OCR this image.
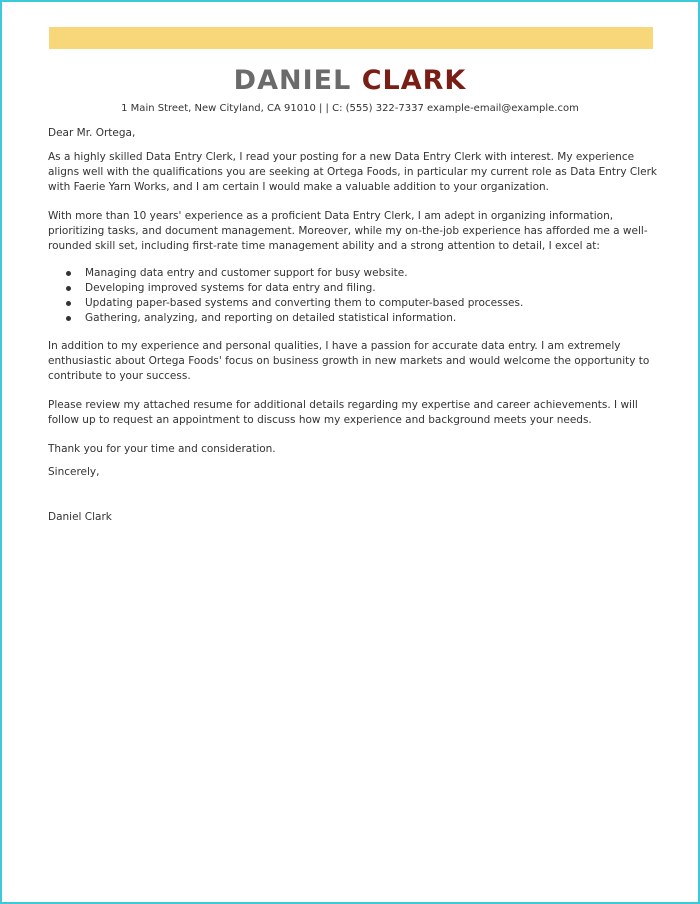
DANIEL CLARK
1 Main Street, New Cityland, CA 91010 | | C: (555) 322-7337 example-email@example.com

Dear Mr. Ortega,

As a highly skilled Data Entry Clerk, I read your posting for a new Data Entry Clerk with interest. My experience aligns well with the qualifications you are seeking at Ortega Foods, in particular my current role as Data Entry Clerk with Faerie Yarn Works, and I am certain I would make a valuable addition to your organization.

With more than 10 years' experience as a proficient Data Entry Clerk, I am adept in organizing information, prioritizing tasks, and document management. Moreover, while my on-the-job experience has afforded me a well-rounded skill set, including first-rate time management ability and a strong attention to detail, I excel at:

Managing data entry and customer support for busy website.
Developing improved systems for data entry and filing.
Updating paper-based systems and converting them to computer-based processes.
Gathering, analyzing, and reporting on detailed statistical information.

In addition to my experience and personal qualities, I have a passion for accurate data entry. I am extremely enthusiastic about Ortega Foods' focus on business growth in new markets and would welcome the opportunity to contribute to your success.

Please review my attached resume for additional details regarding my expertise and career achievements. I will follow up to request an appointment to discuss how my experience and background meets your needs.

Thank you for your time and consideration.

Sincerely,

Daniel Clark
